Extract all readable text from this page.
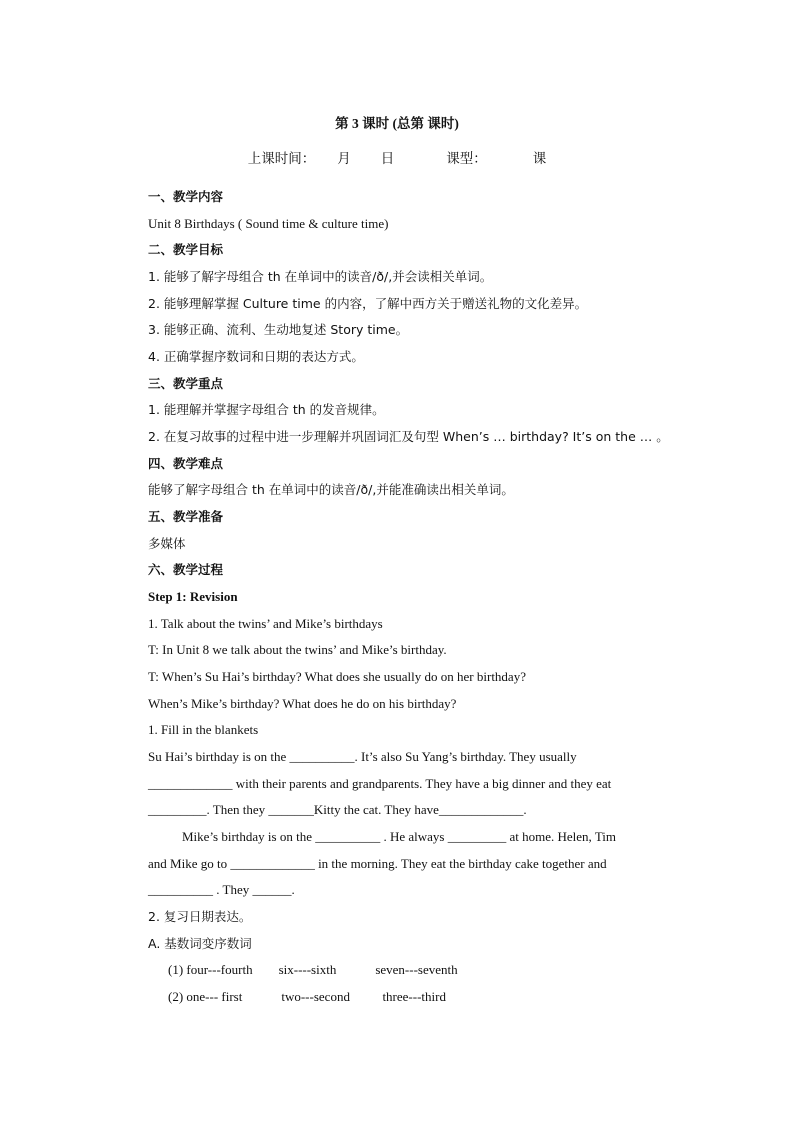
第 3 课时 (总第 课时)
上课时间： 月 日	课型：	课
一、教学内容
Unit 8 Birthdays ( Sound time & culture time)
二、教学目标
1. 能够了解字母组合 th 在单词中的读音/ð/,并会读相关单词。
2. 能够理解掌握 Culture time 的内容，了解中西方关于赠送礼物的文化差异。
3. 能够正确、流利、生动地复述 Story time。
4. 正确掌握序数词和日期的表达方式。
三、教学重点
1. 能理解并掌握字母组合 th 的发音规律。
2. 在复习故事的过程中进一步理解并巩固词汇及句型 When’s … birthday? It’s on the … 。
四、教学难点
能够了解字母组合 th 在单词中的读音/ð/,并能准确读出相关单词。
五、教学准备
多媒体
六、教学过程
Step 1: Revision
1. Talk about the twins’ and Mike’s birthdays
T: In Unit 8 we talk about the twins’ and Mike’s birthday.
T: When’s Su Hai’s birthday? What does she usually do on her birthday?
When’s Mike’s birthday? What does he do on his birthday?
1. Fill in the blankets
Su Hai’s birthday is on the __________. It’s also Su Yang’s birthday. They usually
_____________ with their parents and grandparents. They have a big dinner and they eat
_________. Then they _______Kitty the cat. They have_____________.
Mike’s birthday is on the __________ . He always _________ at home. Helen, Tim
and Mike go to _____________ in the morning. They eat the birthday cake together and
__________ . They ______.
2. 复习日期表达。
A. 基数词变序数词
(1) four---fourth        six----sixth            seven---seventh
(2) one--- first            two---second          three---third
